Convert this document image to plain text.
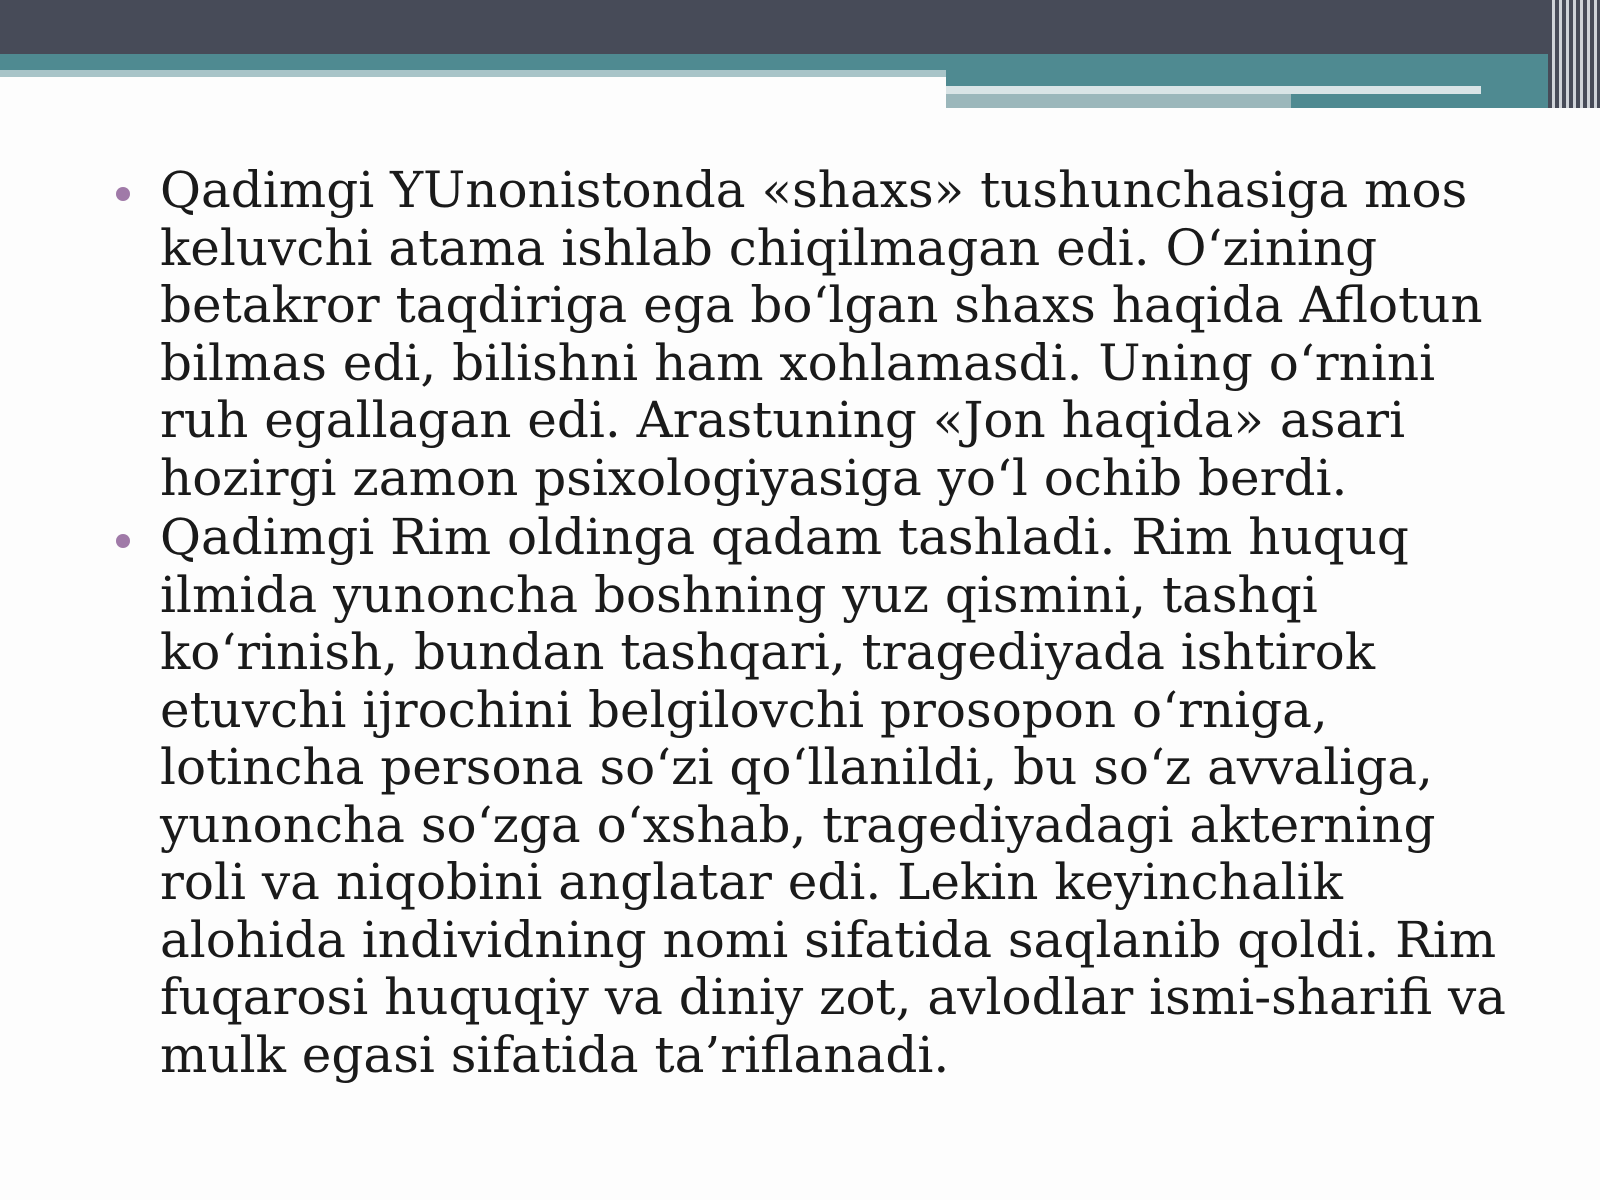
Qadimgi YUnonistonda «shaxs» tushunchasiga mos keluvchi atama ishlab chiqilmagan edi. O‘zining betakror taqdiriga ega bo‘lgan shaxs haqida Aflotun bilmas edi, bilishni ham xohlamasdi. Uning o‘rnini ruh egallagan edi. Arastuning «Jon haqida» asari hozirgi zamon psixologiyasiga yo‘l ochib berdi.
Qadimgi Rim oldinga qadam tashladi. Rim huquq ilmida yunoncha boshning yuz qismini, tashqi ko‘rinish, bundan tashqari, tragediyada ishtirok etuvchi ijrochini belgilovchi prosopon o‘rniga, lotincha persona so‘zi qo‘llanildi, bu so‘z avvaliga, yunoncha so‘zga o‘xshab, tragediyadagi akterning roli va niqobini anglatar edi. Lekin keyinchalik alohida individning nomi sifatida saqlanib qoldi. Rim fuqarosi huquqiy va diniy zot, avlodlar ismi-sharifi va mulk egasi sifatida ta’riflanadi.
